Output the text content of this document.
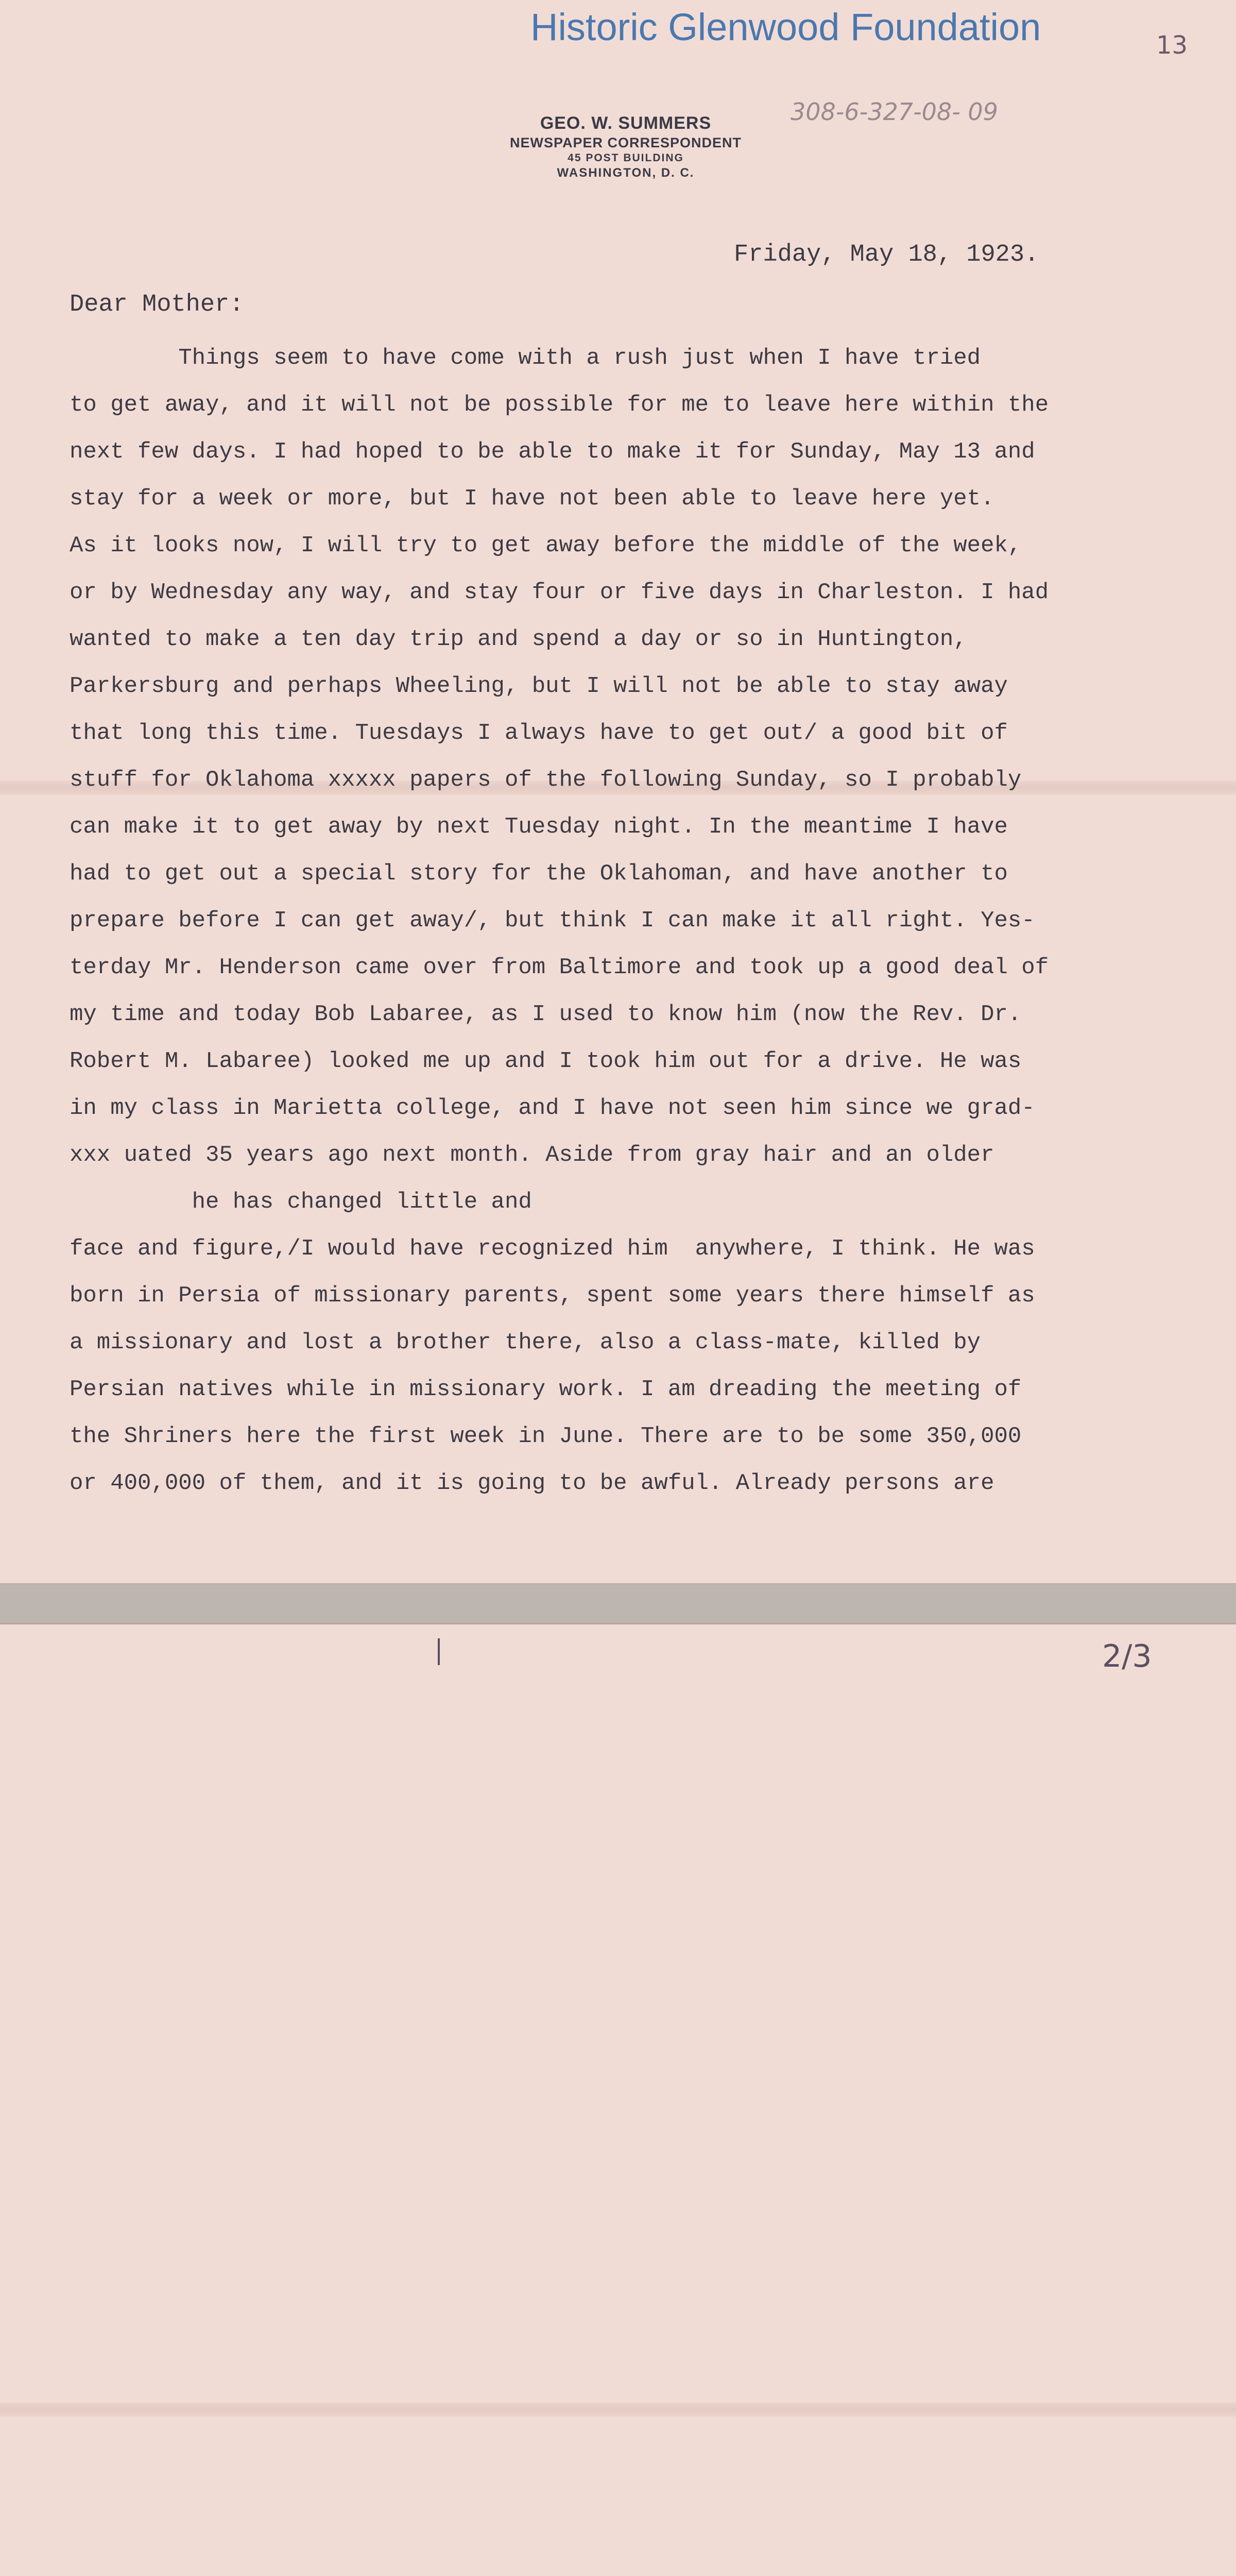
Historic Glenwood Foundation	13
308-6-327-08- 09
GEO. W. SUMMERS
NEWSPAPER CORRESPONDENT
45 POST BUILDING
WASHINGTON, D. C.
Friday, May 18, 1923.
Dear Mother:
Things seem to have come with a rush just when I have tried
to get away, and it will not be possible for me to leave here within the
next few days. I had hoped to be able to make it for Sunday, May 13 and
stay for a week or more, but I have not been able to leave here yet.
As it looks now, I will try to get away before the middle of the week,
or by Wednesday any way, and stay four or five days in Charleston. I had
wanted to make a ten day trip and spend a day or so in Huntington,
Parkersburg and perhaps Wheeling, but I will not be able to stay away
that long this time. Tuesdays I always have to get out/ a good bit of
stuff for Oklahoma xxxxx papers of the following Sunday, so I probably
can make it to get away by next Tuesday night. In the meantime I have
had to get out a special story for the Oklahoman, and have another to
prepare before I can get away/, but think I can make it all right. Yes-
terday Mr. Henderson came over from Baltimore and took up a good deal of
my time and today Bob Labaree, as I used to know him (now the Rev. Dr.
Robert M. Labaree) looked me up and I took him out for a drive. He was
in my class in Marietta college, and I have not seen him since we grad-
xxx uated 35 years ago next month. Aside from gray hair and an older
he has changed little and
face and figure,/I would have recognized him  anywhere, I think. He was
born in Persia of missionary parents, spent some years there himself as
a missionary and lost a brother there, also a class-mate, killed by
Persian natives while in missionary work. I am dreading the meeting of
the Shriners here the first week in June. There are to be some 350,000
or 400,000 of them, and it is going to be awful. Already persons are
2/3
